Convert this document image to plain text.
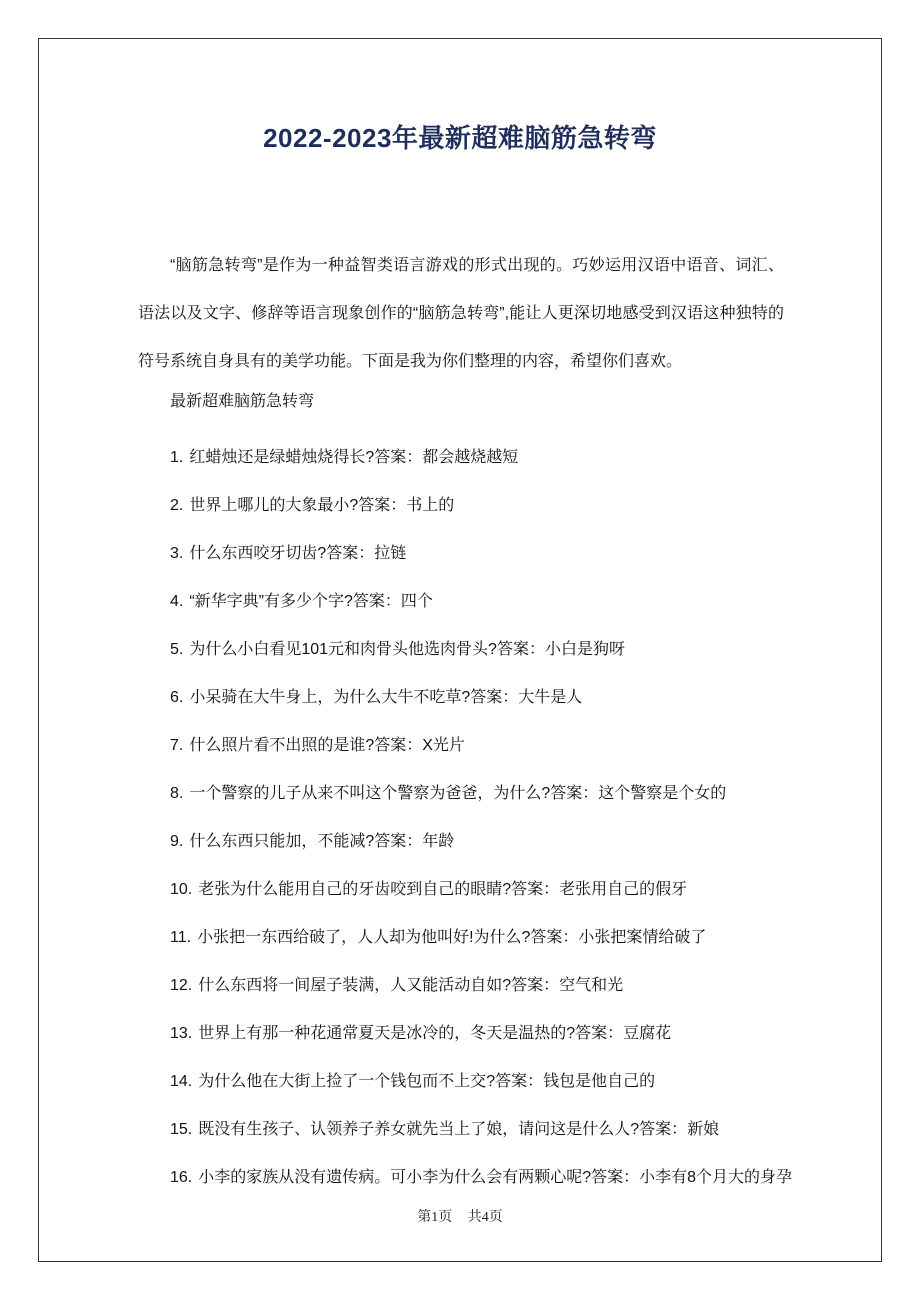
2022-2023年最新超难脑筋急转弯

“脑筋急转弯”是作为一种益智类语言游戏的形式出现的。巧妙运用汉语中语音、词汇、语法以及文字、修辞等语言现象创作的“脑筋急转弯”,能让人更深切地感受到汉语这种独特的符号系统自身具有的美学功能。下面是我为你们整理的内容，希望你们喜欢。

最新超难脑筋急转弯
1. 红蜡烛还是绿蜡烛烧得长?答案：都会越烧越短
2. 世界上哪儿的大象最小?答案：书上的
3. 什么东西咬牙切齿?答案：拉链
4. “新华字典”有多少个字?答案：四个
5. 为什么小白看见101元和肉骨头他选肉骨头?答案：小白是狗呀
6. 小呆骑在大牛身上，为什么大牛不吃草?答案：大牛是人
7. 什么照片看不出照的是谁?答案：X光片
8. 一个警察的儿子从来不叫这个警察为爸爸，为什么?答案：这个警察是个女的
9. 什么东西只能加，不能减?答案：年龄
10. 老张为什么能用自己的牙齿咬到自己的眼睛?答案：老张用自己的假牙
11. 小张把一东西给破了，人人却为他叫好!为什么?答案：小张把案情给破了
12. 什么东西将一间屋子装满，人又能活动自如?答案：空气和光
13. 世界上有那一种花通常夏天是冰冷的，冬天是温热的?答案：豆腐花
14. 为什么他在大街上捡了一个钱包而不上交?答案：钱包是他自己的
15. 既没有生孩子、认领养子养女就先当上了娘，请问这是什么人?答案：新娘
16. 小李的家族从没有遗传病。可小李为什么会有两颗心呢?答案：小李有8个月大的身孕
第1页 共4页
